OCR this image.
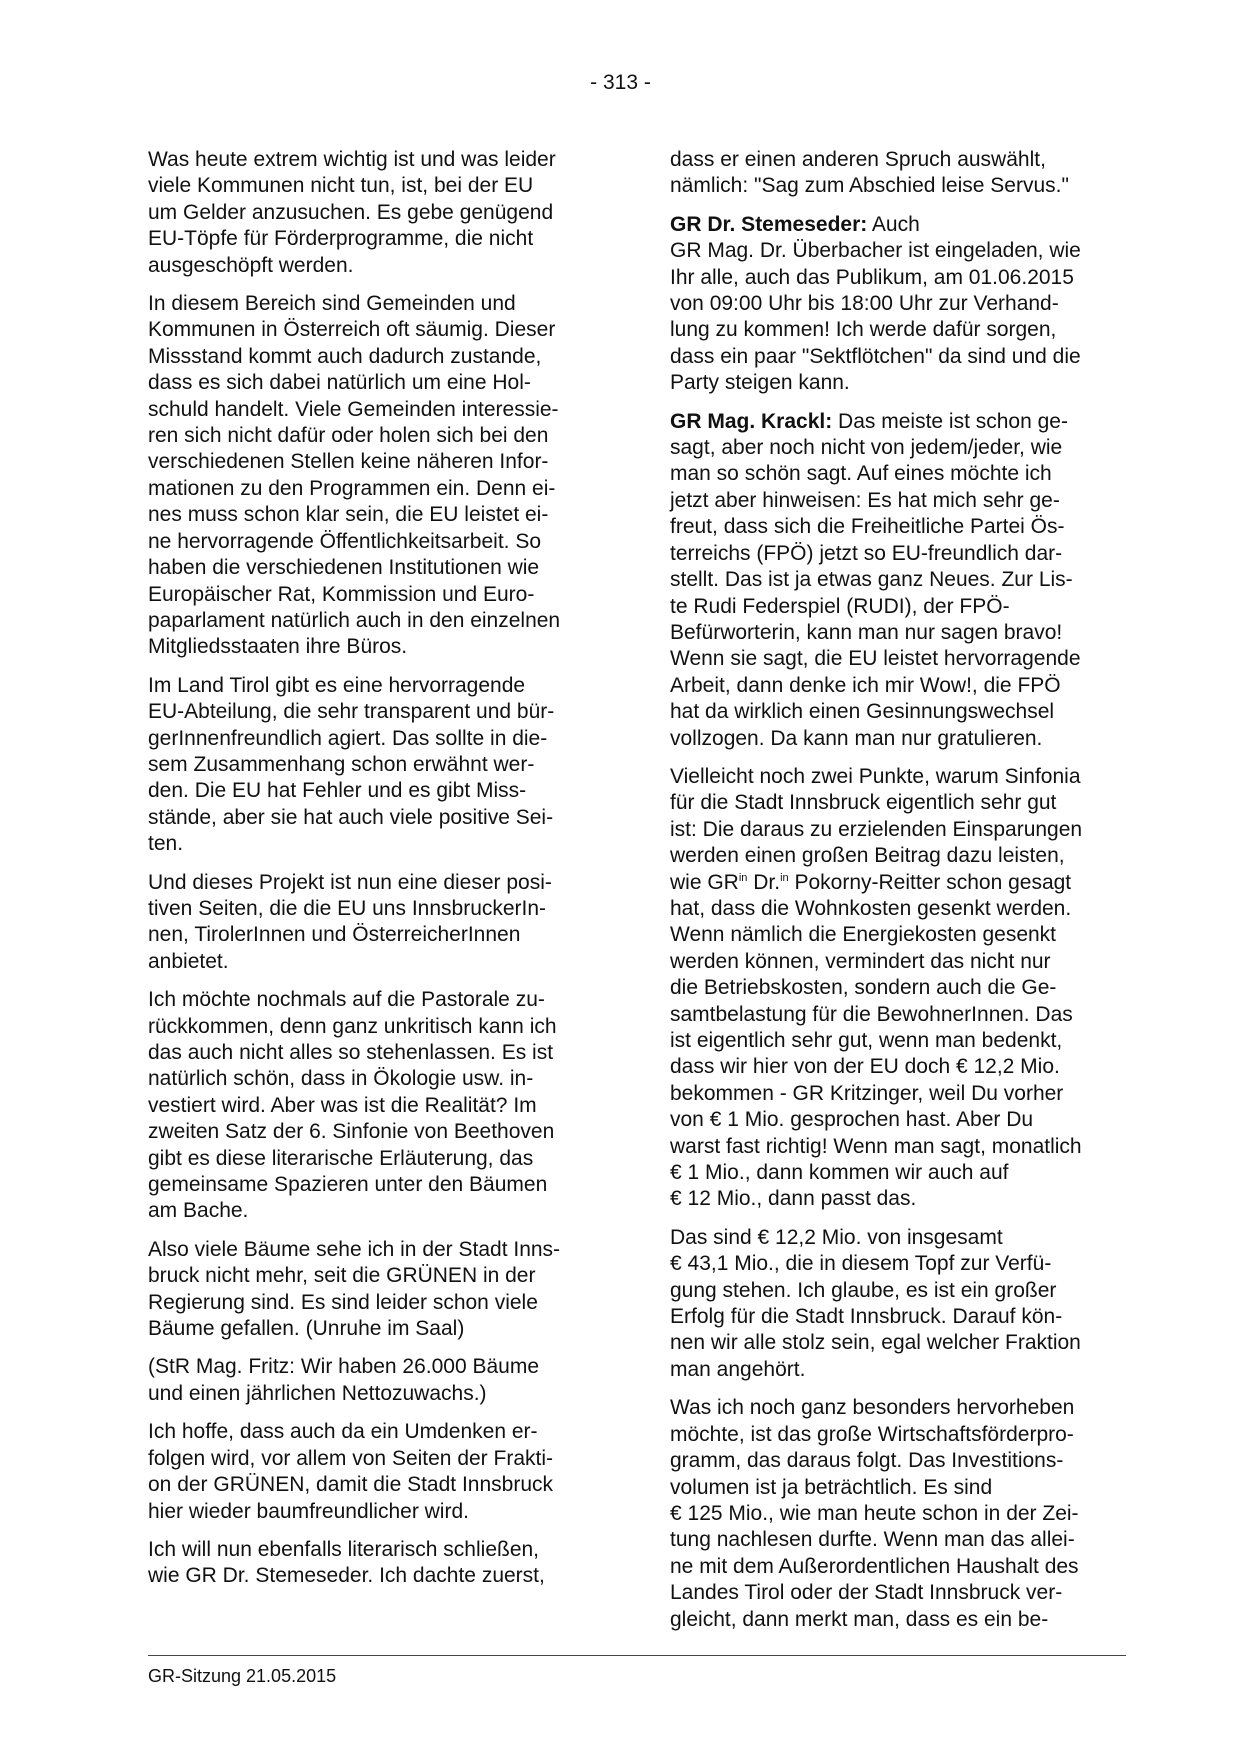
- 313 -

Was heute extrem wichtig ist und was leider
viele Kommunen nicht tun, ist, bei der EU
um Gelder anzusuchen. Es gebe genügend
EU-Töpfe für Förderprogramme, die nicht
ausgeschöpft werden.

In diesem Bereich sind Gemeinden und
Kommunen in Österreich oft säumig. Dieser
Missstand kommt auch dadurch zustande,
dass es sich dabei natürlich um eine Hol-
schuld handelt. Viele Gemeinden interessie-
ren sich nicht dafür oder holen sich bei den
verschiedenen Stellen keine näheren Infor-
mationen zu den Programmen ein. Denn ei-
nes muss schon klar sein, die EU leistet ei-
ne hervorragende Öffentlichkeitsarbeit. So
haben die verschiedenen Institutionen wie
Europäischer Rat, Kommission und Euro-
paparlament natürlich auch in den einzelnen
Mitgliedsstaaten ihre Büros.

Im Land Tirol gibt es eine hervorragende
EU-Abteilung, die sehr transparent und bür-
gerInnenfreundlich agiert. Das sollte in die-
sem Zusammenhang schon erwähnt wer-
den. Die EU hat Fehler und es gibt Miss-
stände, aber sie hat auch viele positive Sei-
ten.

Und dieses Projekt ist nun eine dieser posi-
tiven Seiten, die die EU uns InnsbruckerIn-
nen, TirolerInnen und ÖsterreicherInnen
anbietet.

Ich möchte nochmals auf die Pastorale zu-
rückkommen, denn ganz unkritisch kann ich
das auch nicht alles so stehenlassen. Es ist
natürlich schön, dass in Ökologie usw. in-
vestiert wird. Aber was ist die Realität? Im
zweiten Satz der 6. Sinfonie von Beethoven
gibt es diese literarische Erläuterung, das
gemeinsame Spazieren unter den Bäumen
am Bache.

Also viele Bäume sehe ich in der Stadt Inns-
bruck nicht mehr, seit die GRÜNEN in der
Regierung sind. Es sind leider schon viele
Bäume gefallen. (Unruhe im Saal)

(StR Mag. Fritz: Wir haben 26.000 Bäume
und einen jährlichen Nettozuwachs.)

Ich hoffe, dass auch da ein Umdenken er-
folgen wird, vor allem von Seiten der Frakti-
on der GRÜNEN, damit die Stadt Innsbruck
hier wieder baumfreundlicher wird.

Ich will nun ebenfalls literarisch schließen,
wie GR Dr. Stemeseder. Ich dachte zuerst,

dass er einen anderen Spruch auswählt,
nämlich: "Sag zum Abschied leise Servus."

GR Dr. Stemeseder: Auch
GR Mag. Dr. Überbacher ist eingeladen, wie
Ihr alle, auch das Publikum, am 01.06.2015
von 09:00 Uhr bis 18:00 Uhr zur Verhand-
lung zu kommen! Ich werde dafür sorgen,
dass ein paar "Sektflötchen" da sind und die
Party steigen kann.

GR Mag. Krackl: Das meiste ist schon ge-
sagt, aber noch nicht von jedem/jeder, wie
man so schön sagt. Auf eines möchte ich
jetzt aber hinweisen: Es hat mich sehr ge-
freut, dass sich die Freiheitliche Partei Ös-
terreichs (FPÖ) jetzt so EU-freundlich dar-
stellt. Das ist ja etwas ganz Neues. Zur Lis-
te Rudi Federspiel (RUDI), der FPÖ-
Befürworterin, kann man nur sagen bravo!
Wenn sie sagt, die EU leistet hervorragende
Arbeit, dann denke ich mir Wow!, die FPÖ
hat da wirklich einen Gesinnungswechsel
vollzogen. Da kann man nur gratulieren.

Vielleicht noch zwei Punkte, warum Sinfonia
für die Stadt Innsbruck eigentlich sehr gut
ist: Die daraus zu erzielenden Einsparungen
werden einen großen Beitrag dazu leisten,
wie $GR^{in}$ Dr.$^{in}$ Pokorny-Reitter schon gesagt
hat, dass die Wohnkosten gesenkt werden.
Wenn nämlich die Energiekosten gesenkt
werden können, vermindert das nicht nur
die Betriebskosten, sondern auch die Ge-
samtbelastung für die BewohnerInnen. Das
ist eigentlich sehr gut, wenn man bedenkt,
dass wir hier von der EU doch € 12,2 Mio.
bekommen - GR Kritzinger, weil Du vorher
von € 1 Mio. gesprochen hast. Aber Du
warst fast richtig! Wenn man sagt, monatlich
€ 1 Mio., dann kommen wir auch auf
€ 12 Mio., dann passt das.

Das sind € 12,2 Mio. von insgesamt
€ 43,1 Mio., die in diesem Topf zur Verfü-
gung stehen. Ich glaube, es ist ein großer
Erfolg für die Stadt Innsbruck. Darauf kön-
nen wir alle stolz sein, egal welcher Fraktion
man angehört.

Was ich noch ganz besonders hervorheben
möchte, ist das große Wirtschaftsförderpro-
gramm, das daraus folgt. Das Investitions-
volumen ist ja beträchtlich. Es sind
€ 125 Mio., wie man heute schon in der Zei-
tung nachlesen durfte. Wenn man das allei-
ne mit dem Außerordentlichen Haushalt des
Landes Tirol oder der Stadt Innsbruck ver-
gleicht, dann merkt man, dass es ein be-

GR-Sitzung 21.05.2015
